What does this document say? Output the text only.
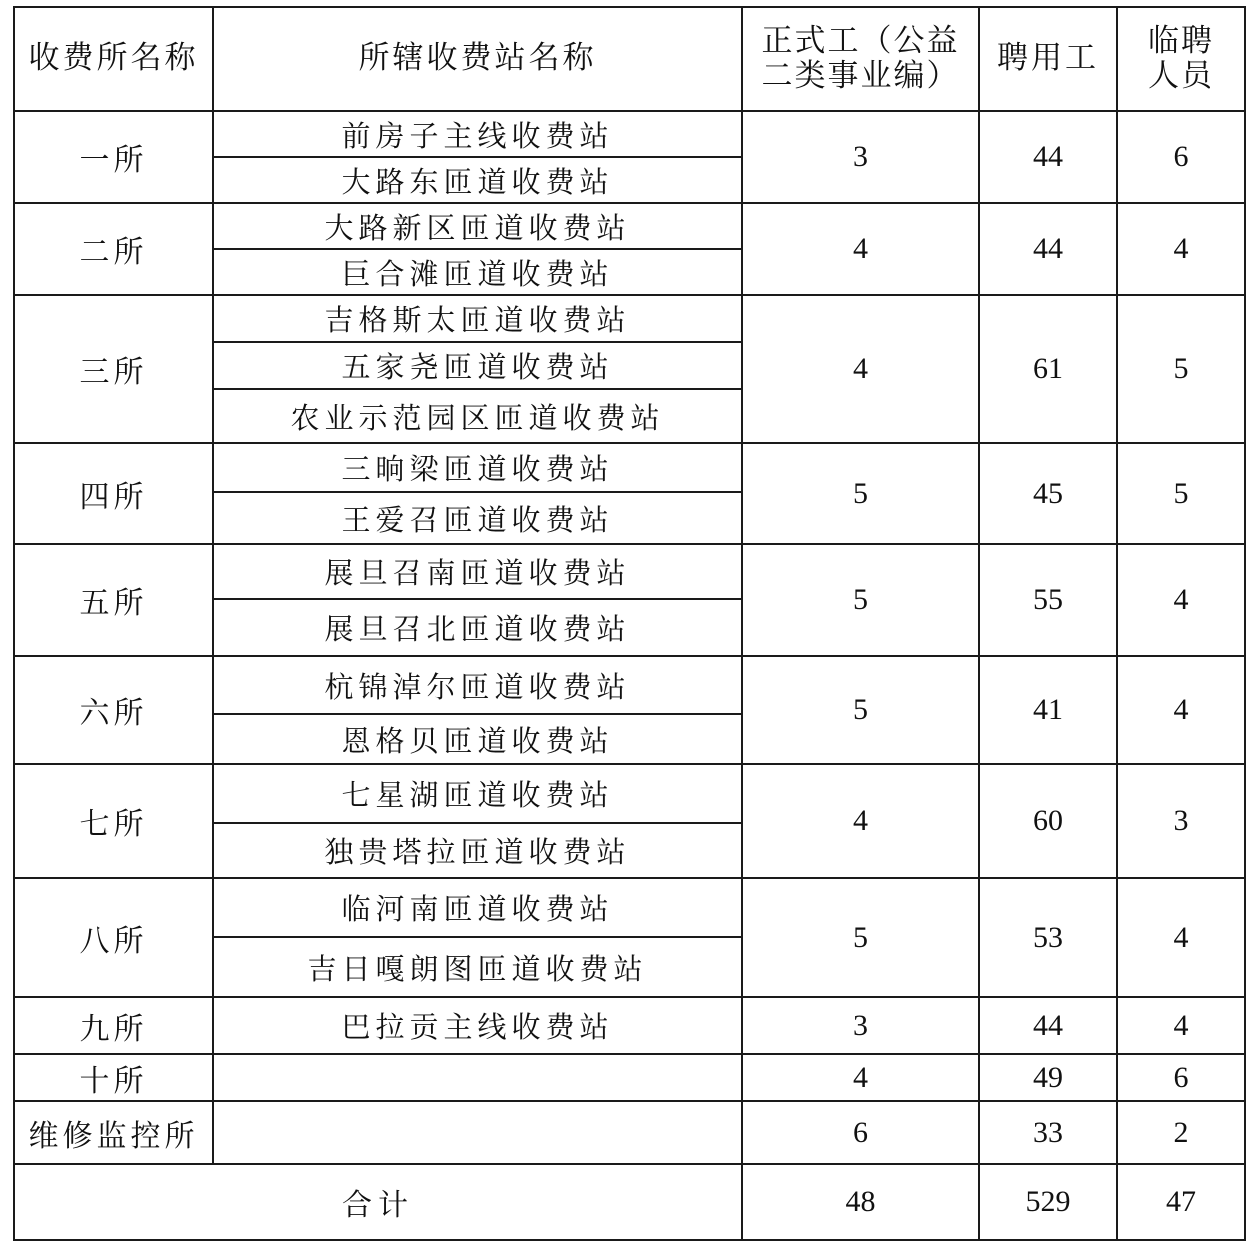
收费所名称	所辖收费站名称	正式工（公益二类事业编）	聘用工	临聘人员

一所	前房子主线收费站	3	44	6
	大路东匝道收费站			
二所	大路新区匝道收费站	4	44	4
	巨合滩匝道收费站			
三所	吉格斯太匝道收费站	4	61	5
	五家尧匝道收费站			
	农业示范园区匝道收费站			
四所	三晌梁匝道收费站	5	45	5
	王爱召匝道收费站			
五所	展旦召南匝道收费站	5	55	4
	展旦召北匝道收费站			
六所	杭锦淖尔匝道收费站	5	41	4
	恩格贝匝道收费站			
七所	七星湖匝道收费站	4	60	3
	独贵塔拉匝道收费站			
八所	临河南匝道收费站	5	53	4
	吉日嘎朗图匝道收费站			
九所	巴拉贡主线收费站	3	44	4
十所		4	49	6
维修监控所		6	33	2
合计		48	529	47
